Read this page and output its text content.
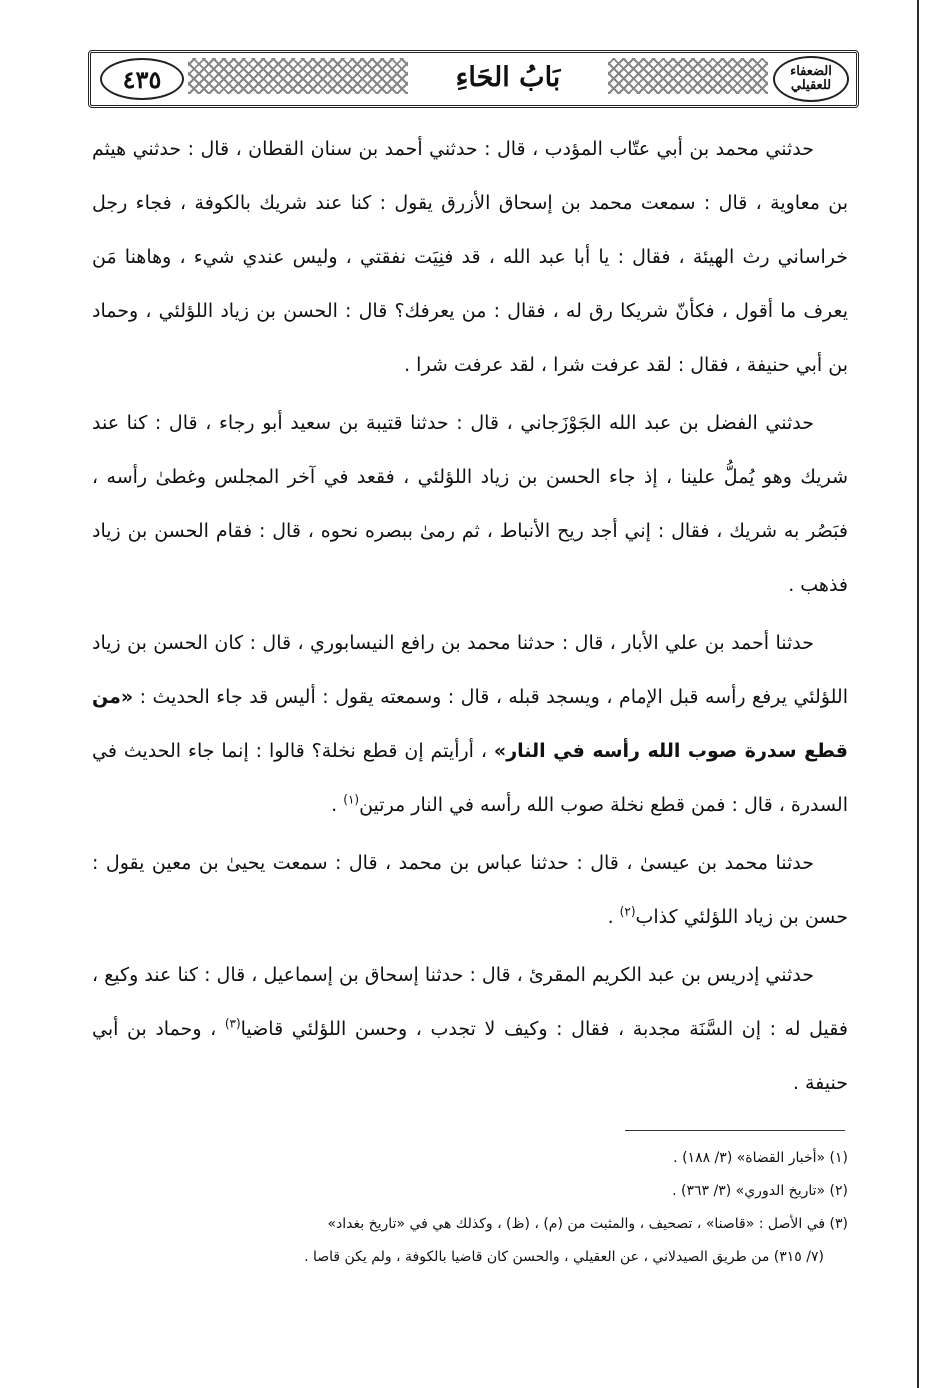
٤٣٥	بَابُ الحَاءِ	الضعفاء للعقيلي

حدثني محمد بن أبي عتّاب المؤدب ، قال : حدثني أحمد بن سنان القطان ، قال : حدثني هيثم بن معاوية ، قال : سمعت محمد بن إسحاق الأزرق يقول : كنا عند شريك بالكوفة ، فجاء رجل خراساني رث الهيئة ، فقال : يا أبا عبد الله ، قد فنِيَت نفقتي ، وليس عندي شيء ، وهاهنا مَن يعرف ما أقول ، فكأنّ شريكا رق له ، فقال : من يعرفك؟ قال : الحسن بن زياد اللؤلئي ، وحماد بن أبي حنيفة ، فقال : لقد عرفت شرا ، لقد عرفت شرا .

حدثني الفضل بن عبد الله الجَوْزَجاني ، قال : حدثنا قتيبة بن سعيد أبو رجاء ، قال : كنا عند شريك وهو يُملُّ علينا ، إذ جاء الحسن بن زياد اللؤلئي ، فقعد في آخر المجلس وغطىٰ رأسه ، فبَصُر به شريك ، فقال : إني أجد ريح الأنباط ، ثم رمىٰ ببصره نحوه ، قال : فقام الحسن بن زياد فذهب .

حدثنا أحمد بن علي الأبار ، قال : حدثنا محمد بن رافع النيسابوري ، قال : كان الحسن بن زياد اللؤلئي يرفع رأسه قبل الإمام ، ويسجد قبله ، قال : وسمعته يقول : أليس قد جاء الحديث : «من قطع سدرة صوب الله رأسه في النار» ، أرأيتم إن قطع نخلة؟ قالوا : إنما جاء الحديث في السدرة ، قال : فمن قطع نخلة صوب الله رأسه في النار مرتين$^{(١)}$ .

حدثنا محمد بن عيسىٰ ، قال : حدثنا عباس بن محمد ، قال : سمعت يحيىٰ بن معين يقول : حسن بن زياد اللؤلئي كذاب$^{(٢)}$ .

حدثني إدريس بن عبد الكريم المقرئ ، قال : حدثنا إسحاق بن إسماعيل ، قال : كنا عند وكيع ، فقيل له : إن السَّنَة مجدبة ، فقال : وكيف لا تجدب ، وحسن اللؤلئي قاضيا$^{(٣)}$ ، وحماد بن أبي حنيفة .

(١) «أخبار القضاة» (٣/ ١٨٨) .
(٢) «تاريخ الدوري» (٣/ ٣٦٣) .
(٣) في الأصل : «قاصنا» ، تصحيف ، والمثبت من (م) ، (ظ) ، وكذلك هي في «تاريخ بغداد»
(٧/ ٣١٥) من طريق الصيدلاني ، عن العقيلي ، والحسن كان قاضيا بالكوفة ، ولم يكن قاصا .
